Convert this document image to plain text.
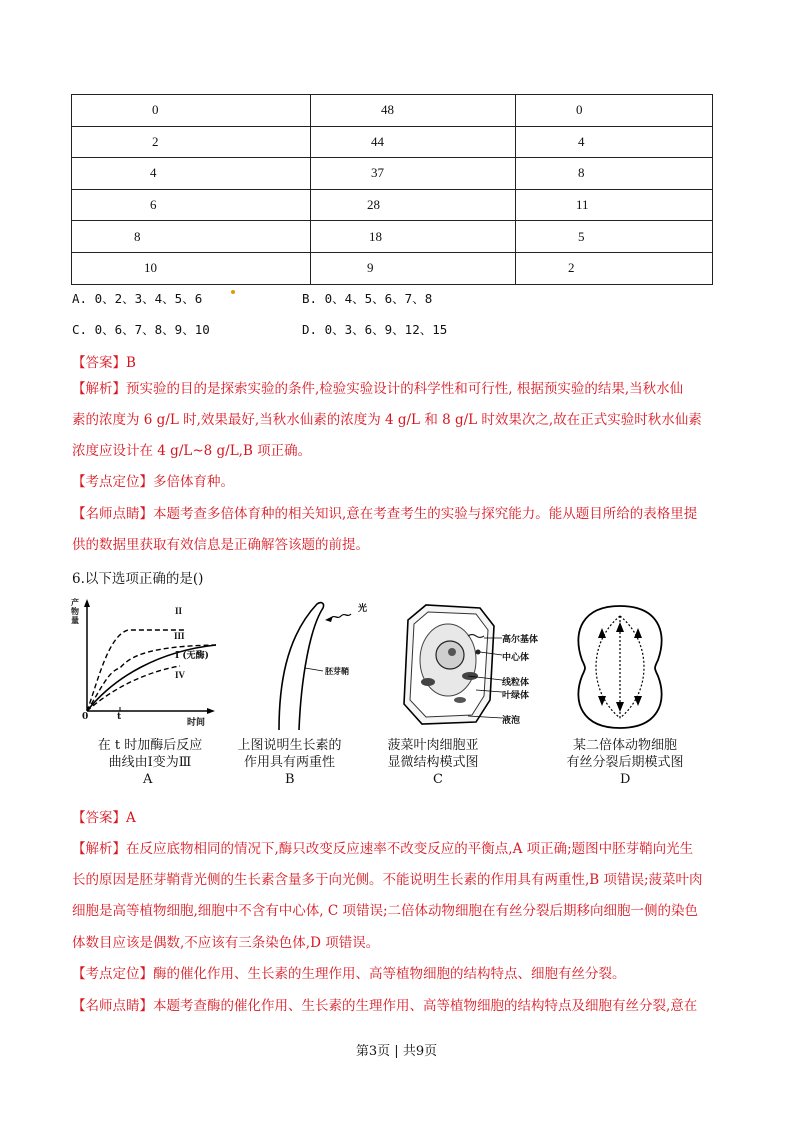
0	48	0
2	44	4
4	37	8
6	28	11
8	18	5
10	9	2
A. 0、2、3、4、5、6	B. 0、4、5、6、7、8
C. 0、6、7、8、9、10	D. 0、3、6、9、12、15
【答案】B
【解析】预实验的目的是探索实验的条件,检验实验设计的科学性和可行性, 根据预实验的结果,当秋水仙
素的浓度为 6 g/L 时,效果最好,当秋水仙素的浓度为 4 g/L 和 8 g/L 时效果次之,故在正式实验时秋水仙素
浓度应设计在 4 g/L~8 g/L,B 项正确。
【考点定位】多倍体育种。
【名师点睛】本题考查多倍体育种的相关知识,意在考查考生的实验与探究能力。能从题目所给的表格里提
供的数据里获取有效信息是正确解答该题的前提。
6.以下选项正确的是()
产物量
0	t
时间
II
III
I (无酶)
IV
在 t 时加酶后反应
曲线由Ⅰ变为Ⅲ
A
光
胚芽鞘
上图说明生长素的
作用具有两重性
B
高尔基体
中心体
线粒体
叶绿体
液泡
菠菜叶肉细胞亚
显微结构模式图
C
某二倍体动物细胞
有丝分裂后期模式图
D
【答案】A
【解析】在反应底物相同的情况下,酶只改变反应速率不改变反应的平衡点,A 项正确;题图中胚芽鞘向光生
长的原因是胚芽鞘背光侧的生长素含量多于向光侧。不能说明生长素的作用具有两重性,B 项错误;菠菜叶肉
细胞是高等植物细胞,细胞中不含有中心体, C 项错误;二倍体动物细胞在有丝分裂后期移向细胞一侧的染色
体数目应该是偶数,不应该有三条染色体,D 项错误。
【考点定位】酶的催化作用、生长素的生理作用、高等植物细胞的结构特点、细胞有丝分裂。
【名师点睛】本题考查酶的催化作用、生长素的生理作用、高等植物细胞的结构特点及细胞有丝分裂,意在
第3页 | 共9页
